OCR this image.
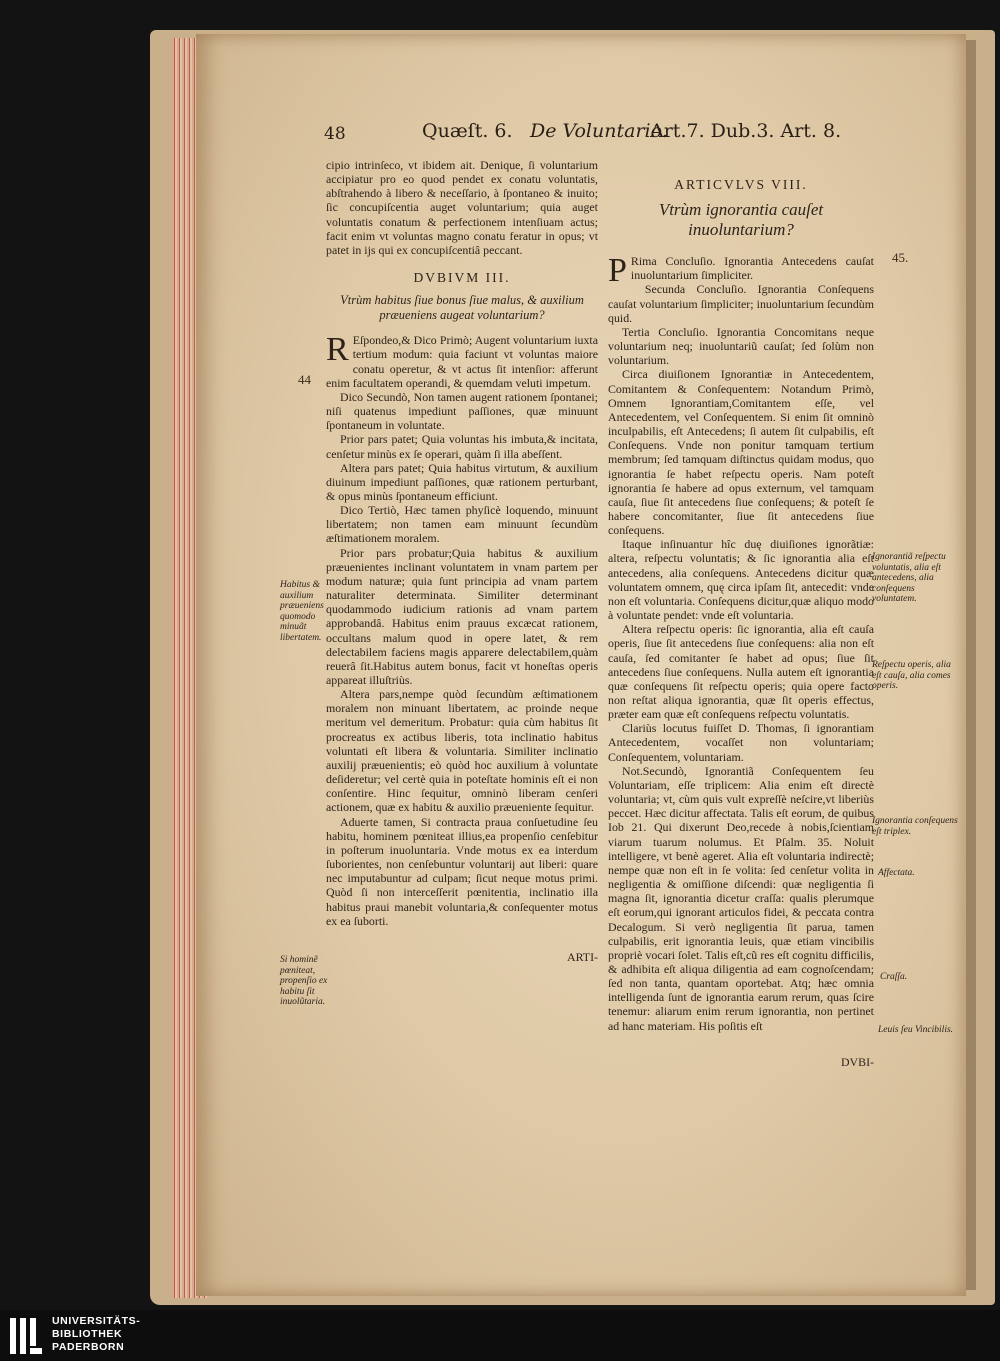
48	Quæſt. 6. De Voluntario.
Art.7. Dub.3. Art. 8.

cipio intrinſeco, vt ibidem ait. Denique, ſi voluntarium accipiatur pro eo quod pendet ex conatu voluntatis, abſtrahendo à libero & neceſſario, à ſpontaneo & inuito; ſic concupiſcentia auget voluntarium; quia auget voluntatis conatum & perfectionem intenſiuam actus; facit enim vt voluntas magno conatu feratur in opus; vt patet in ijs qui ex concupiſcentiâ peccant.

DVBIVM III.

Vtrùm habitus ſiue bonus ſiue malus, & auxilium præueniens augeat voluntarium?

R Eſpondeo,& Dico Primò; Augent voluntarium iuxta tertium modum: quia faciunt vt voluntas maiore conatu operetur, & vt actus ſit intenſior: afferunt enim facultatem operandi, & quemdam veluti impetum.

Dico Secundò, Non tamen augent rationem ſpontanei; niſi quatenus impediunt paſſiones, quæ minuunt ſpontaneum in voluntate.

Prior pars patet; Quia voluntas his imbuta,& incitata, cenſetur minùs ex ſe operari, quàm ſi illa abeſſent.

Altera pars patet; Quia habitus virtutum, & auxilium diuinum impediunt paſſiones, quæ rationem perturbant, & opus minùs ſpontaneum efficiunt.

Dico Tertiò, Hæc tamen phyſicè loquendo, minuunt libertatem; non tamen eam minuunt ſecundùm æſtimationem moralem.

Prior pars probatur;Quia habitus & auxilium præuenientes inclinant voluntatem in vnam partem per modum naturæ; quia ſunt principia ad vnam partem naturaliter determinata. Similiter determinant quodammodo iudicium rationis ad vnam partem approbandâ. Habitus enim prauus excæcat rationem, occultans malum quod in opere latet, & rem delectabilem faciens magis apparere delectabilem,quàm reuerâ ſit.Habitus autem bonus, facit vt honeſtas operis appareat illuſtriùs.

Altera pars,nempe quòd ſecundùm æſtimationem moralem non minuant libertatem, ac proinde neque meritum vel demeritum. Probatur: quia cùm habitus ſit procreatus ex actibus liberis, tota inclinatio habitus voluntati eſt libera & voluntaria. Similiter inclinatio auxilij præuenientis; eò quòd hoc auxilium à voluntate deſideretur; vel certè quia in poteſtate hominis eſt ei non conſentire. Hinc ſequitur, omninò liberam cenſeri actionem, quæ ex habitu & auxilio præueniente ſequitur.

Aduerte tamen, Si contracta praua conſuetudine ſeu habitu, hominem pœniteat illius,ea propenſio cenſebitur in poſterum inuoluntaria. Vnde motus ex ea interdum ſuborientes, non cenſebuntur voluntarij aut liberi: quare nec imputabuntur ad culpam; ſicut neque motus primi. Quòd ſi non interceſſerit pœnitentia, inclinatio illa habitus praui manebit voluntaria,& conſequenter motus ex ea ſuborti.

ARTI-

ARTICVLVS VIII.

Vtrùm ignorantia cauſet inuoluntarium?

P Rima Concluſio. Ignorantia Antecedens cauſat inuoluntarium ſimpliciter.

Secunda Concluſio. Ignorantia Conſequens cauſat voluntarium ſimpliciter; inuoluntarium ſecundùm quid.

Tertia Concluſio. Ignorantia Concomitans neque voluntarium neq; inuoluntariũ cauſat; ſed ſolùm non voluntarium.

Circa diuiſionem Ignorantiæ in Antecedentem, Comitantem & Conſequentem: Notandum Primò, Omnem Ignorantiam,Comitantem eſſe, vel Antecedentem, vel Conſequentem. Si enim ſit omninò inculpabilis, eſt Antecedens; ſi autem ſit culpabilis, eſt Conſequens. Vnde non ponitur tamquam tertium membrum; ſed tamquam diſtinctus quidam modus, quo ignorantia ſe habet reſpectu operis. Nam poteſt ignorantia ſe habere ad opus externum, vel tamquam cauſa, ſiue ſit antecedens ſiue conſequens; & poteſt ſe habere concomitanter, ſiue ſit antecedens ſiue conſequens.

Itaque inſinuantur hîc duę diuiſiones ignorãtiæ: altera, reſpectu voluntatis; & ſic ignorantia alia eſt antecedens, alia conſequens. Antecedens dicitur quæ voluntatem omnem, quę circa ipſam ſit, antecedit: vnde non eſt voluntaria. Conſequens dicitur,quæ aliquo modo à voluntate pendet: vnde eſt voluntaria.

Altera reſpectu operis: ſic ignorantia, alia eſt cauſa operis, ſiue ſit antecedens ſiue conſequens: alia non eſt cauſa, ſed comitanter ſe habet ad opus; ſiue ſit antecedens ſiue conſequens. Nulla autem eſt ignorantia quæ conſequens ſit reſpectu operis; quia opere facto non reſtat aliqua ignorantia, quæ ſit operis effectus, præter eam quæ eſt conſequens reſpectu voluntatis.

Clariùs locutus fuiſſet D. Thomas, ſi ignorantiam Antecedentem, vocaſſet non voluntariam; Conſequentem, voluntariam.

Not.Secundò, Ignorantiã Conſequentem ſeu Voluntariam, eſſe triplicem: Alia enim eſt directè voluntaria; vt, cùm quis vult expreſſè neſcire,vt liberiùs peccet. Hæc dicitur affectata. Talis eſt eorum, de quibus Iob 21. Qui dixerunt Deo,recede à nobis,ſcientiam viarum tuarum nolumus. Et Pſalm. 35. Noluit intelligere, vt benè ageret. Alia eſt voluntaria indirectè; nempe quæ non eſt in ſe volita: ſed cenſetur volita in negligentia & omiſſione diſcendi: quæ negligentia ſi magna ſit, ignorantia dicetur craſſa: qualis plerumque eſt eorum,qui ignorant articulos fidei, & peccata contra Decalogum. Si verò negligentia ſit parua, tamen culpabilis, erit ignorantia leuis, quæ etiam vincibilis propriè vocari ſolet. Talis eſt,cũ res eſt cognitu difficilis, & adhibita eſt aliqua diligentia ad eam cognoſcendam; ſed non tanta, quantam oportebat. Atq; hæc omnia intelligenda ſunt de ignorantia earum rerum, quas ſcire tenemur: aliarum enim rerum ignorantia, non pertinet ad hanc materiam. His poſitis eſt

DVBI-

44
45.
Habitus & auxilium præueniens quomodo minuãt libertatem.
Si hominẽ pœniteat, propenſio ex habitu ſit inuolũtaria.
Ignorantiã reſpectu voluntatis, alia eſt antecedens, alia conſequens voluntatem.
Reſpectu operis, alia eſt cauſa, alia comes operis.
Ignorantia conſequens eſt triplex.
Affectata.
Craſſa.
Leuis ſeu Vincibilis.
UNIVERSITÄTS-
BIBLIOTHEK
PADERBORN
